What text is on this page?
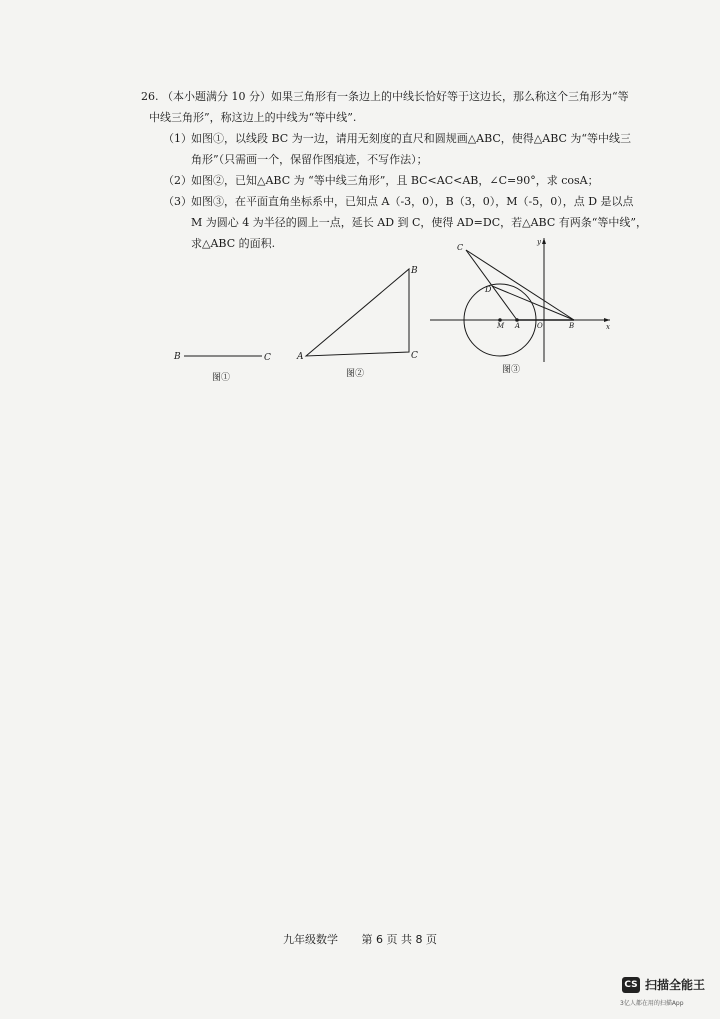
26. （本小题满分 10 分）如果三角形有一条边上的中线长恰好等于这边长，那么称这个三角形为“等
中线三角形”，称这边上的中线为“等中线”.
（1）如图①，以线段 BC 为一边，请用无刻度的直尺和圆规画△ABC，使得△ABC 为“等中线三
角形”（只需画一个，保留作图痕迹，不写作法）；
（2）如图②，已知△ABC 为 “等中线三角形”，且 BC<AC<AB，∠C=90°，求 cosA；
（3）如图③，在平面直角坐标系中，已知点 A（-3，0），B（3，0），M（-5，0），点 D 是以点
M 为圆心 4 为半径的圆上一点，延长 AD 到 C，使得 AD=DC，若△ABC 有两条“等中线”，
求△ABC 的面积.
B	C	A
B
C
C
D
M A O	B	x
y
图①	图②	图③
九年级数学 第 6 页 共 8 页
CS 扫描全能王
3亿人都在用的扫描App
